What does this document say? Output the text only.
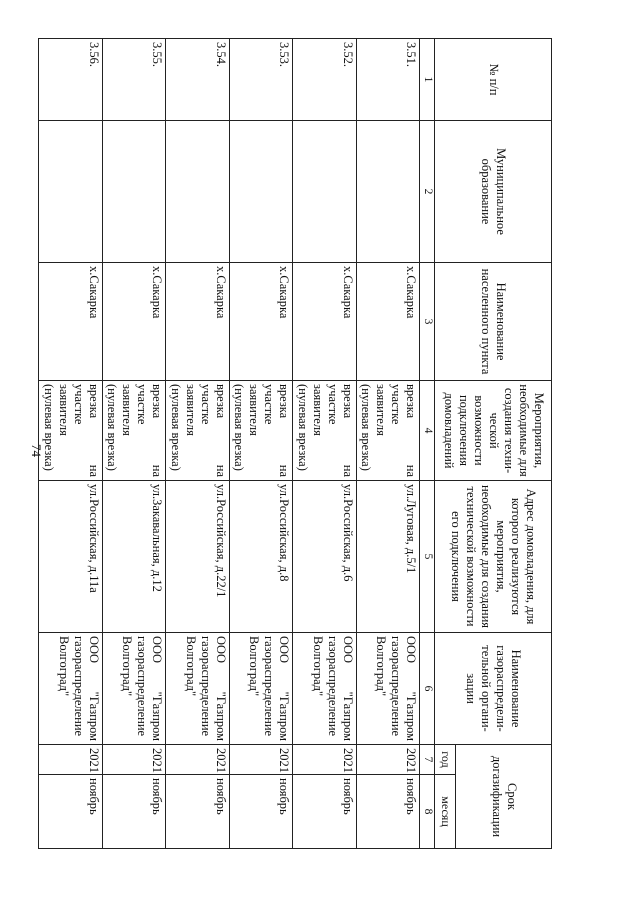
74
№ п/п	Муниципальное образование	Наименование населенного пункта	Мероприятия, необходимые для создания техни-ческой возможности подключения домовладений	Адрес домовладения, для которого реализуются мероприятия, необходимые для создания технической возможности его подключения	Наименование газораспредели-тельной органи-зации	Срок догазификации	
						год	месяц
1	2	3	4	5	6	7	8
3.51.		х.Сакарка	врезка на участке заявителя (нулевая врезка)	ул.Луговая, д.5/1	ООО "Газпром газораспределение Волгоград"	2021	ноябрь
3.52.		х.Сакарка	врезка на участке заявителя (нулевая врезка)	ул.Российская, д.6	ООО "Газпром газораспределение Волгоград"	2021	ноябрь
3.53.		х.Сакарка	врезка на участке заявителя (нулевая врезка)	ул.Российская, д.8	ООО "Газпром газораспределение Волгоград"	2021	ноябрь
3.54.		х.Сакарка	врезка на участке заявителя (нулевая врезка)	ул.Российская, д.22/1	ООО "Газпром газораспределение Волгоград"	2021	ноябрь
3.55.		х.Сакарка	врезка на участке заявителя (нулевая врезка)	ул.Закавальная, д.12	ООО "Газпром газораспределение Волгоград"	2021	ноябрь
3.56.		х.Сакарка	врезка на участке заявителя (нулевая врезка)	ул.Российская, д.11а	ООО "Газпром газораспределение Волгоград"	2021	ноябрь
